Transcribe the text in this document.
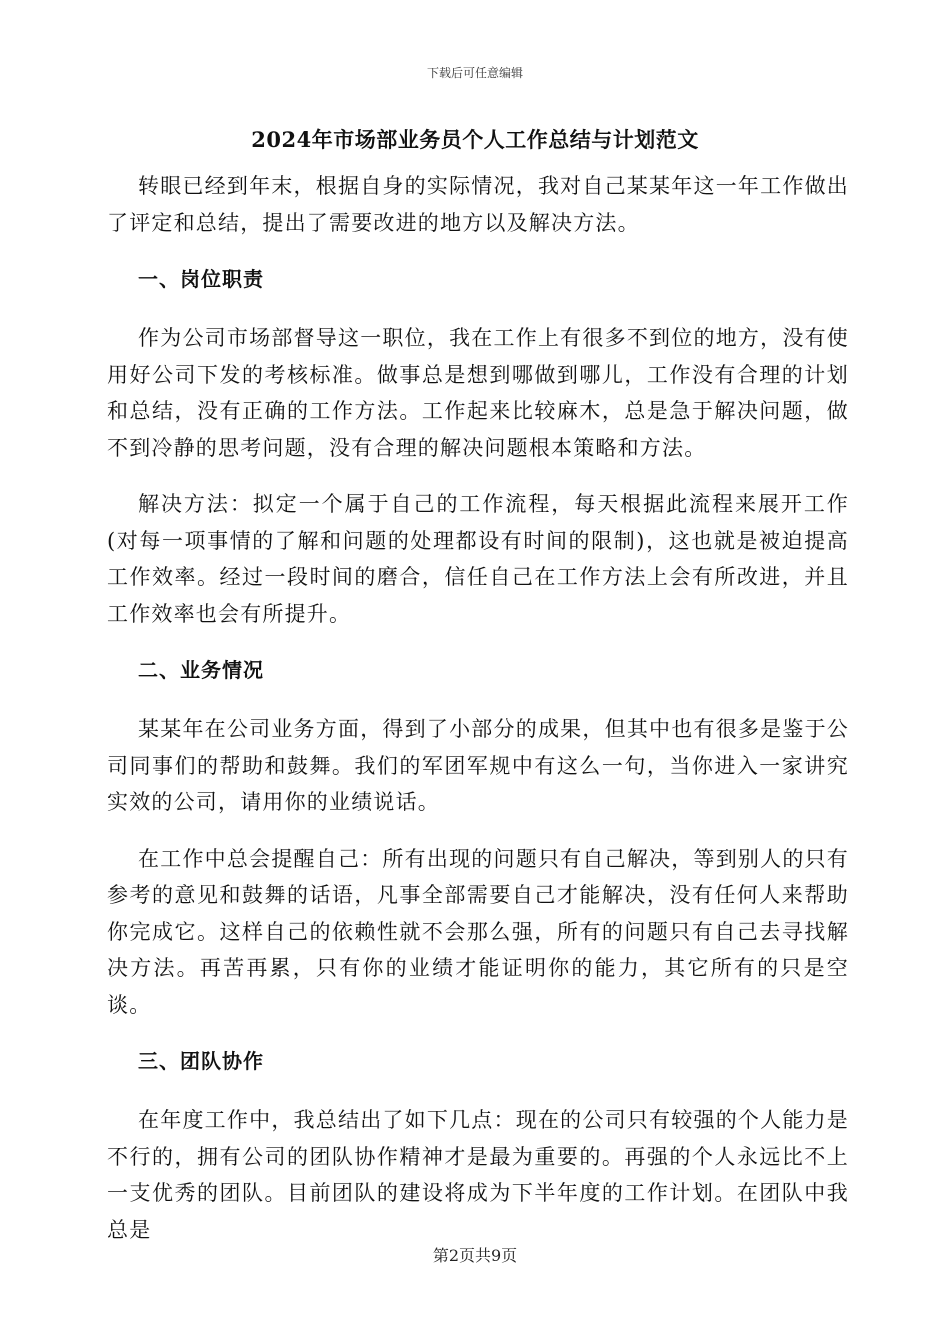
下载后可任意编辑
2024年市场部业务员个人工作总结与计划范文

转眼已经到年末，根据自身的实际情况，我对自己某某年这一年工作做出了评定和总结，提出了需要改进的地方以及解决方法。

一、岗位职责

作为公司市场部督导这一职位，我在工作上有很多不到位的地方，没有使用好公司下发的考核标准。做事总是想到哪做到哪儿，工作没有合理的计划和总结，没有正确的工作方法。工作起来比较麻木，总是急于解决问题，做不到冷静的思考问题，没有合理的解决问题根本策略和方法。

解决方法：拟定一个属于自己的工作流程，每天根据此流程来展开工作(对每一项事情的了解和问题的处理都设有时间的限制)，这也就是被迫提高工作效率。经过一段时间的磨合，信任自己在工作方法上会有所改进，并且工作效率也会有所提升。

二、业务情况

某某年在公司业务方面，得到了小部分的成果，但其中也有很多是鉴于公司同事们的帮助和鼓舞。我们的军团军规中有这么一句，当你进入一家讲究实效的公司，请用你的业绩说话。

在工作中总会提醒自己：所有出现的问题只有自己解决，等到别人的只有参考的意见和鼓舞的话语，凡事全部需要自己才能解决，没有任何人来帮助你完成它。这样自己的依赖性就不会那么强，所有的问题只有自己去寻找解决方法。再苦再累，只有你的业绩才能证明你的能力，其它所有的只是空谈。

三、团队协作

在年度工作中，我总结出了如下几点：现在的公司只有较强的个人能力是不行的，拥有公司的团队协作精神才是最为重要的。再强的个人永远比不上一支优秀的团队。目前团队的建设将成为下半年度的工作计划。在团队中我总是

第2页共9页
